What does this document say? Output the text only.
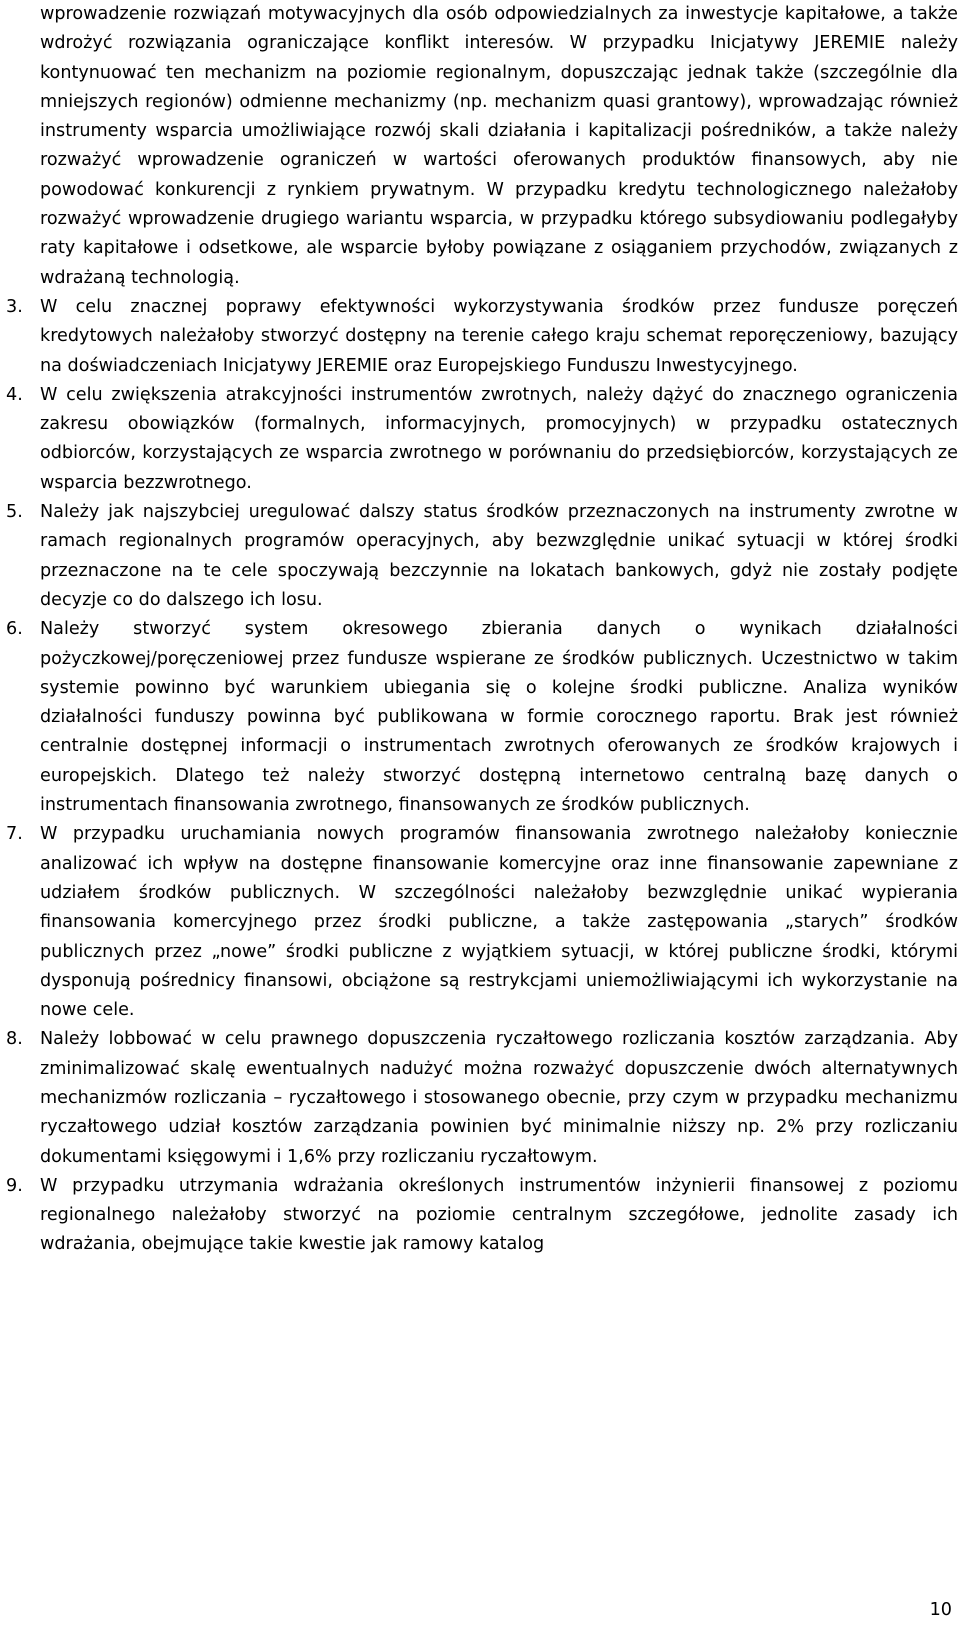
wprowadzenie rozwiązań motywacyjnych dla osób odpowiedzialnych za inwestycje kapitałowe, a także wdrożyć rozwiązania ograniczające konflikt interesów. W przypadku Inicjatywy JEREMIE należy kontynuować ten mechanizm na poziomie regionalnym, dopuszczając jednak także (szczególnie dla mniejszych regionów) odmienne mechanizmy (np. mechanizm quasi grantowy), wprowadzając również instrumenty wsparcia umożliwiające rozwój skali działania i kapitalizacji pośredników, a także należy rozważyć wprowadzenie ograniczeń w wartości oferowanych produktów finansowych, aby nie powodować konkurencji z rynkiem prywatnym. W przypadku kredytu technologicznego należałoby rozważyć wprowadzenie drugiego wariantu wsparcia, w przypadku którego subsydiowaniu podlegałyby raty kapitałowe i odsetkowe, ale wsparcie byłoby powiązane z osiąganiem przychodów, związanych z wdrażaną technologią.

3. W celu znacznej poprawy efektywności wykorzystywania środków przez fundusze poręczeń kredytowych należałoby stworzyć dostępny na terenie całego kraju schemat reporęczeniowy, bazujący na doświadczeniach Inicjatywy JEREMIE oraz Europejskiego Funduszu Inwestycyjnego.
4. W celu zwiększenia atrakcyjności instrumentów zwrotnych, należy dążyć do znacznego ograniczenia zakresu obowiązków (formalnych, informacyjnych, promocyjnych) w przypadku ostatecznych odbiorców, korzystających ze wsparcia zwrotnego w porównaniu do przedsiębiorców, korzystających ze wsparcia bezzwrotnego.
5. Należy jak najszybciej uregulować dalszy status środków przeznaczonych na instrumenty zwrotne w ramach regionalnych programów operacyjnych, aby bezwzględnie unikać sytuacji w której środki przeznaczone na te cele spoczywają bezczynnie na lokatach bankowych, gdyż nie zostały podjęte decyzje co do dalszego ich losu.
6. Należy stworzyć system okresowego zbierania danych o wynikach działalności pożyczkowej/poręczeniowej przez fundusze wspierane ze środków publicznych. Uczestnictwo w takim systemie powinno być warunkiem ubiegania się o kolejne środki publiczne. Analiza wyników działalności funduszy powinna być publikowana w formie corocznego raportu. Brak jest również centralnie dostępnej informacji o instrumentach zwrotnych oferowanych ze środków krajowych i europejskich. Dlatego też należy stworzyć dostępną internetowo centralną bazę danych o instrumentach finansowania zwrotnego, finansowanych ze środków publicznych.
7. W przypadku uruchamiania nowych programów finansowania zwrotnego należałoby koniecznie analizować ich wpływ na dostępne finansowanie komercyjne oraz inne finansowanie zapewniane z udziałem środków publicznych. W szczególności należałoby bezwzględnie unikać wypierania finansowania komercyjnego przez środki publiczne, a także zastępowania „starych” środków publicznych przez „nowe” środki publiczne z wyjątkiem sytuacji, w której publiczne środki, którymi dysponują pośrednicy finansowi, obciążone są restrykcjami uniemożliwiającymi ich wykorzystanie na nowe cele.
8. Należy lobbować w celu prawnego dopuszczenia ryczałtowego rozliczania kosztów zarządzania. Aby zminimalizować skalę ewentualnych nadużyć można rozważyć dopuszczenie dwóch alternatywnych mechanizmów rozliczania – ryczałtowego i stosowanego obecnie, przy czym w przypadku mechanizmu ryczałtowego udział kosztów zarządzania powinien być minimalnie niższy np. 2% przy rozliczaniu dokumentami księgowymi i 1,6% przy rozliczaniu ryczałtowym.
9. W przypadku utrzymania wdrażania określonych instrumentów inżynierii finansowej z poziomu regionalnego należałoby stworzyć na poziomie centralnym szczegółowe, jednolite zasady ich wdrażania, obejmujące takie kwestie jak ramowy katalog
10
